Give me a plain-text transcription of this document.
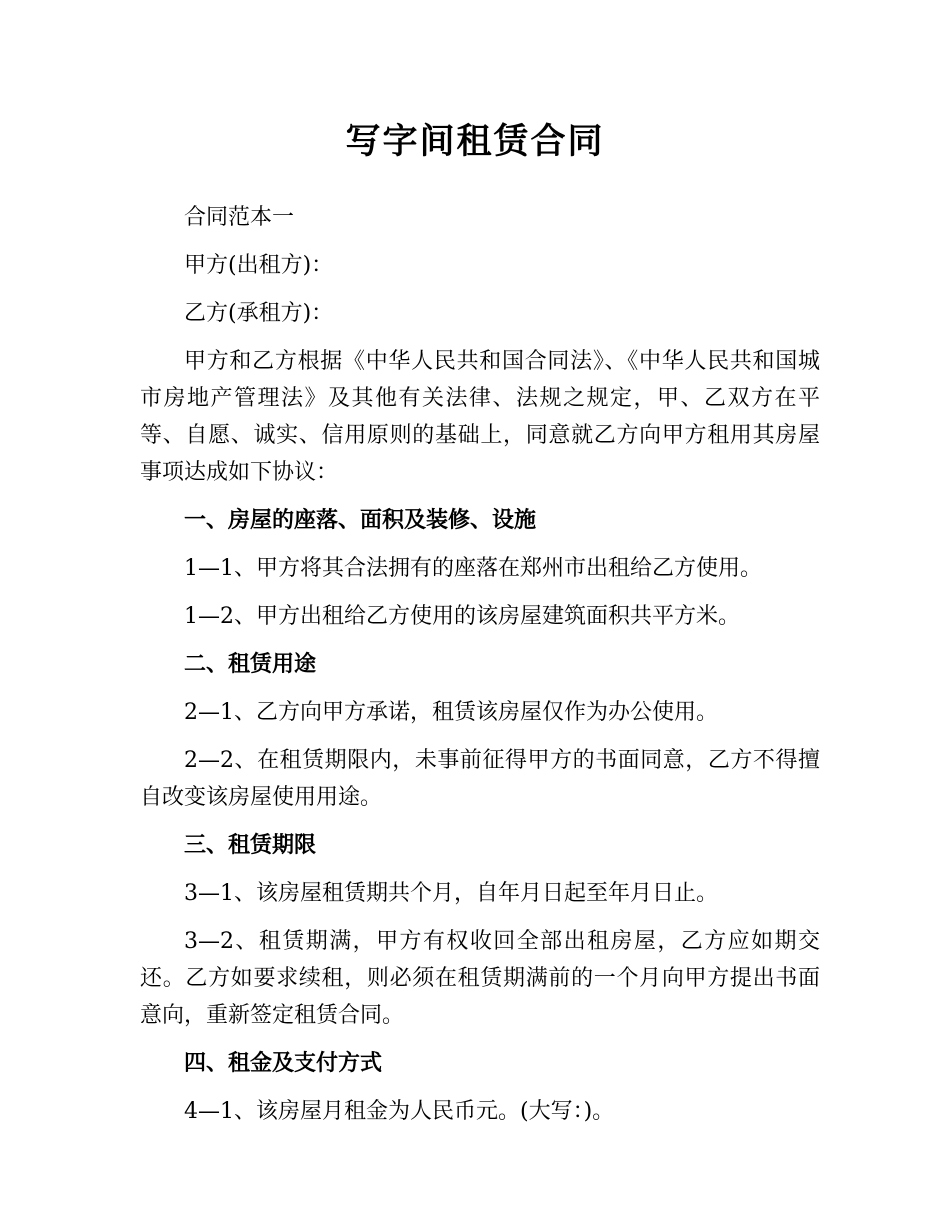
写字间租赁合同

合同范本一

甲方(出租方)：

乙方(承租方)：

甲方和乙方根据《中华人民共和国合同法》、《中华人民共和国城市房地产管理法》及其他有关法律、法规之规定，甲、乙双方在平等、自愿、诚实、信用原则的基础上，同意就乙方向甲方租用其房屋事项达成如下协议：

一、房屋的座落、面积及装修、设施

1—1、甲方将其合法拥有的座落在郑州市出租给乙方使用。

1—2、甲方出租给乙方使用的该房屋建筑面积共平方米。

二、租赁用途

2—1、乙方向甲方承诺，租赁该房屋仅作为办公使用。

2—2、在租赁期限内，未事前征得甲方的书面同意，乙方不得擅自改变该房屋使用用途。

三、租赁期限

3—1、该房屋租赁期共个月，自年月日起至年月日止。

3—2、租赁期满，甲方有权收回全部出租房屋，乙方应如期交还。乙方如要求续租，则必须在租赁期满前的一个月向甲方提出书面意向，重新签定租赁合同。

四、租金及支付方式

4—1、该房屋月租金为人民币元。(大写：)。
